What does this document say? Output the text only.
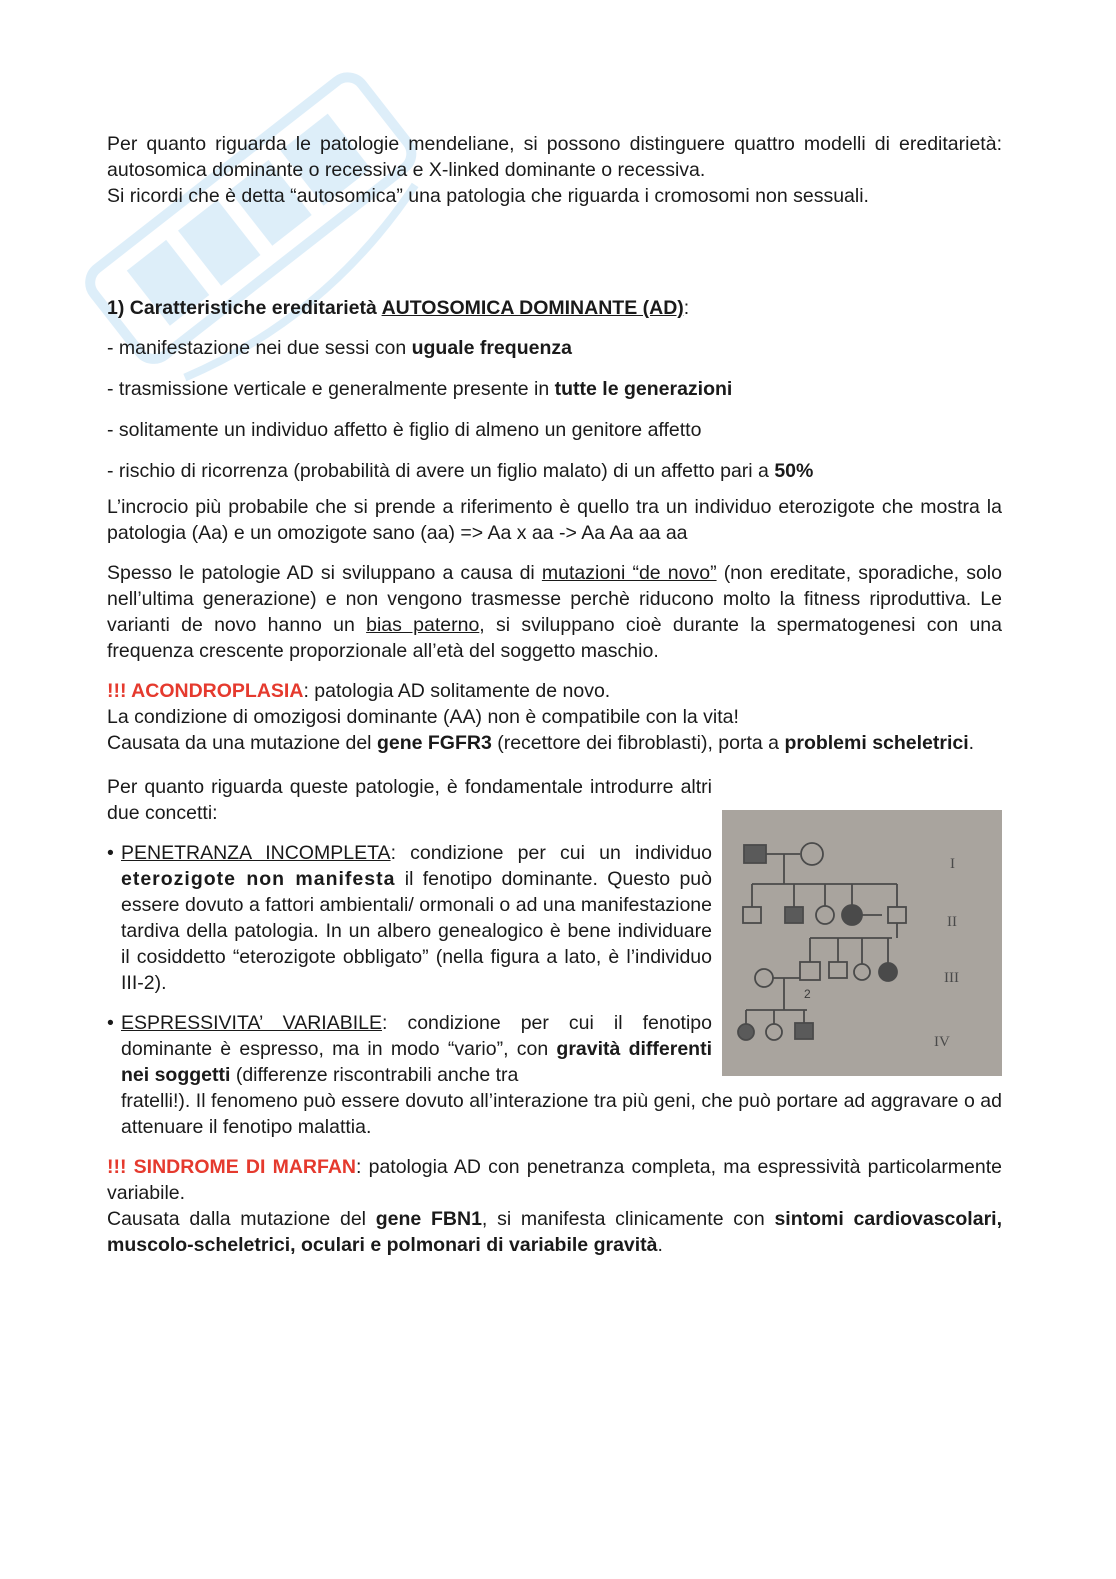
Per quanto riguarda le patologie mendeliane, si possono distinguere quattro modelli di ereditarietà: autosomica dominante o recessiva e X-linked dominante o recessiva.

Si ricordi che è detta “autosomica” una patologia che riguarda i cromosomi non sessuali.

1) Caratteristiche ereditarietà AUTOSOMICA DOMINANTE (AD):

- manifestazione nei due sessi con uguale frequenza

- trasmissione verticale e generalmente presente in tutte le generazioni

- solitamente un individuo affetto è figlio di almeno un genitore affetto

- rischio di ricorrenza (probabilità di avere un figlio malato) di un affetto pari a 50%

L’incrocio più probabile che si prende a riferimento è quello tra un individuo eterozigote che mostra la patologia (Aa) e un omozigote sano (aa) => Aa x aa -> Aa Aa aa aa

Spesso le patologie AD si sviluppano a causa di mutazioni “de novo” (non ereditate, sporadiche, solo nell’ultima generazione) e non vengono trasmesse perchè riducono molto la fitness riproduttiva. Le varianti de novo hanno un bias paterno, si sviluppano cioè durante la spermatogenesi con una frequenza crescente proporzionale all’età del soggetto maschio.

!!! ACONDROPLASIA: patologia AD solitamente de novo.

La condizione di omozigosi dominante (AA) non è compatibile con la vita!

Causata da una mutazione del gene FGFR3 (recettore dei fibroblasti), porta a problemi scheletrici.

Per quanto riguarda queste patologie, è fondamentale introdurre altri due concetti:

• PENETRANZA INCOMPLETA: condizione per cui un individuo eterozigote non manifesta il fenotipo dominante. Questo può essere dovuto a fattori ambientali/ ormonali o ad una manifestazione tardiva della patologia. In un albero genealogico è bene individuare il cosiddetto “eterozigote obbligato” (nella figura a lato, è l’individuo III-2).
• ESPRESSIVITA’ VARIABILE: condizione per cui il fenotipo dominante è espresso, ma in modo “vario”, con gravità differenti nei soggetti (differenze riscontrabili anche tra

fratelli!). Il fenomeno può essere dovuto all’interazione tra più geni, che può portare ad aggravare o ad attenuare il fenotipo malattia.

2
I
II
III
IV

!!! SINDROME DI MARFAN: patologia AD con penetranza completa, ma espressività particolarmente variabile.

Causata dalla mutazione del gene FBN1, si manifesta clinicamente con sintomi cardiovascolari, muscolo-scheletrici, oculari e polmonari di variabile gravità.
